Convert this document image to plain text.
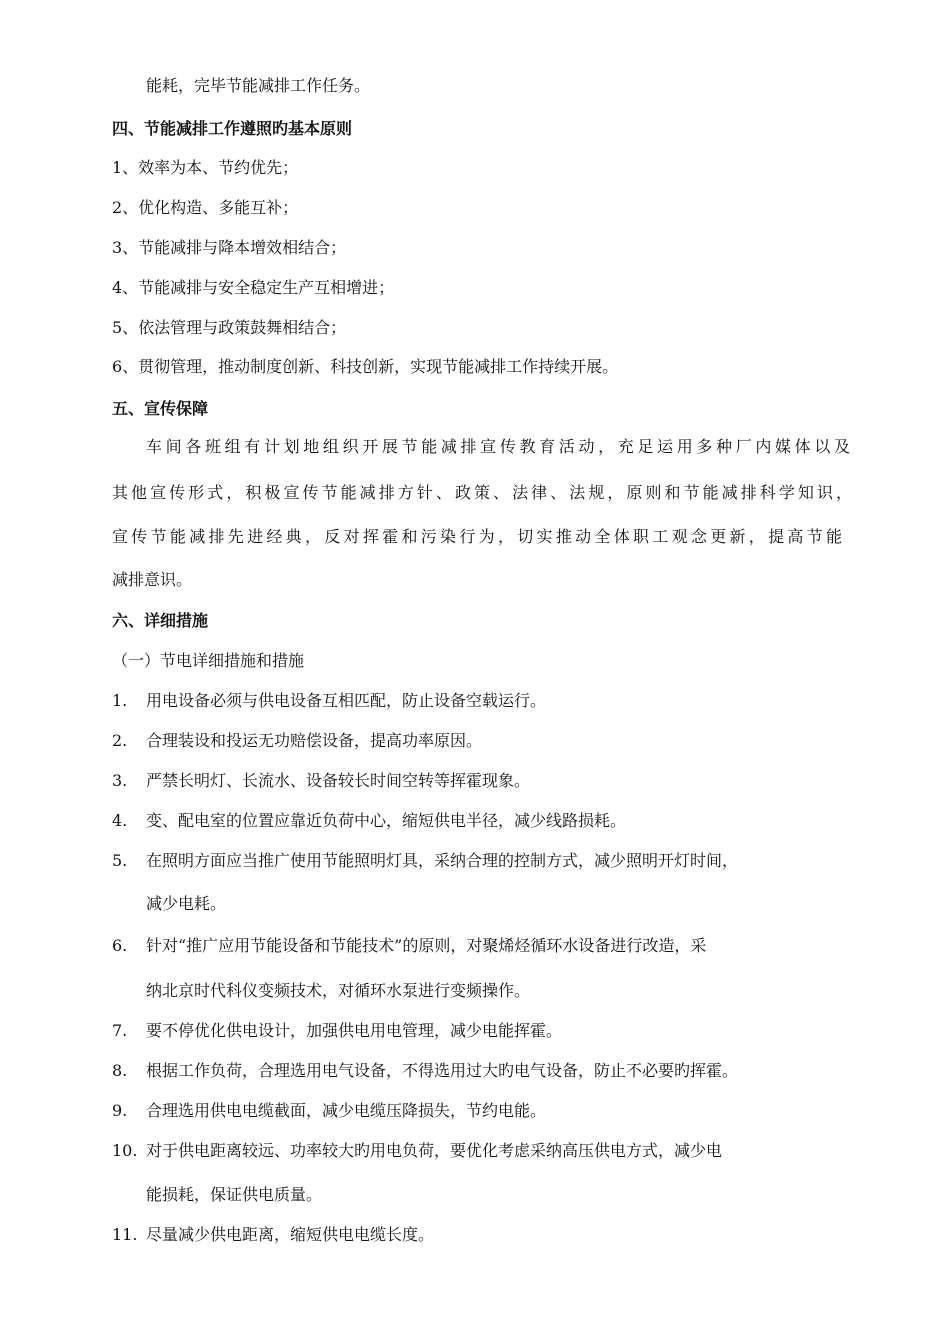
能耗，完毕节能减排工作任务。
四、节能减排工作遵照旳基本原则
1、效率为本、节约优先；
2、优化构造、多能互补；
3、节能减排与降本增效相结合；
4、节能减排与安全稳定生产互相增进；
5、依法管理与政策鼓舞相结合；
6、贯彻管理，推动制度创新、科技创新，实现节能减排工作持续开展。
五、宣传保障
车间各班组有计划地组织开展节能减排宣传教育活动，充足运用多种厂内媒体以及
其他宣传形式，积极宣传节能减排方针、政策、法律、法规，原则和节能减排科学知识，
宣传节能减排先进经典，反对挥霍和污染行为，切实推动全体职工观念更新，提高节能
减排意识。
六、详细措施
（一）节电详细措施和措施
1.	用电设备必须与供电设备互相匹配，防止设备空载运行。
2.	合理装设和投运无功赔偿设备，提高功率原因。
3.	严禁长明灯、长流水、设备较长时间空转等挥霍现象。
4.	变、配电室的位置应靠近负荷中心，缩短供电半径，减少线路损耗。
5.	在照明方面应当推广使用节能照明灯具，采纳合理的控制方式，减少照明开灯时间，
减少电耗。
6.	针对“推广应用节能设备和节能技术”的原则，对聚烯烃循环水设备进行改造，采
纳北京时代科仪变频技术，对循环水泵进行变频操作。
7.	要不停优化供电设计，加强供电用电管理，减少电能挥霍。
8.	根据工作负荷，合理选用电气设备，不得选用过大旳电气设备，防止不必要旳挥霍。
9.	合理选用供电电缆截面，减少电缆压降损失，节约电能。
10. 对于供电距离较远、功率较大旳用电负荷，要优化考虑采纳高压供电方式，减少电
能损耗，保证供电质量。
11. 尽量减少供电距离，缩短供电电缆长度。
